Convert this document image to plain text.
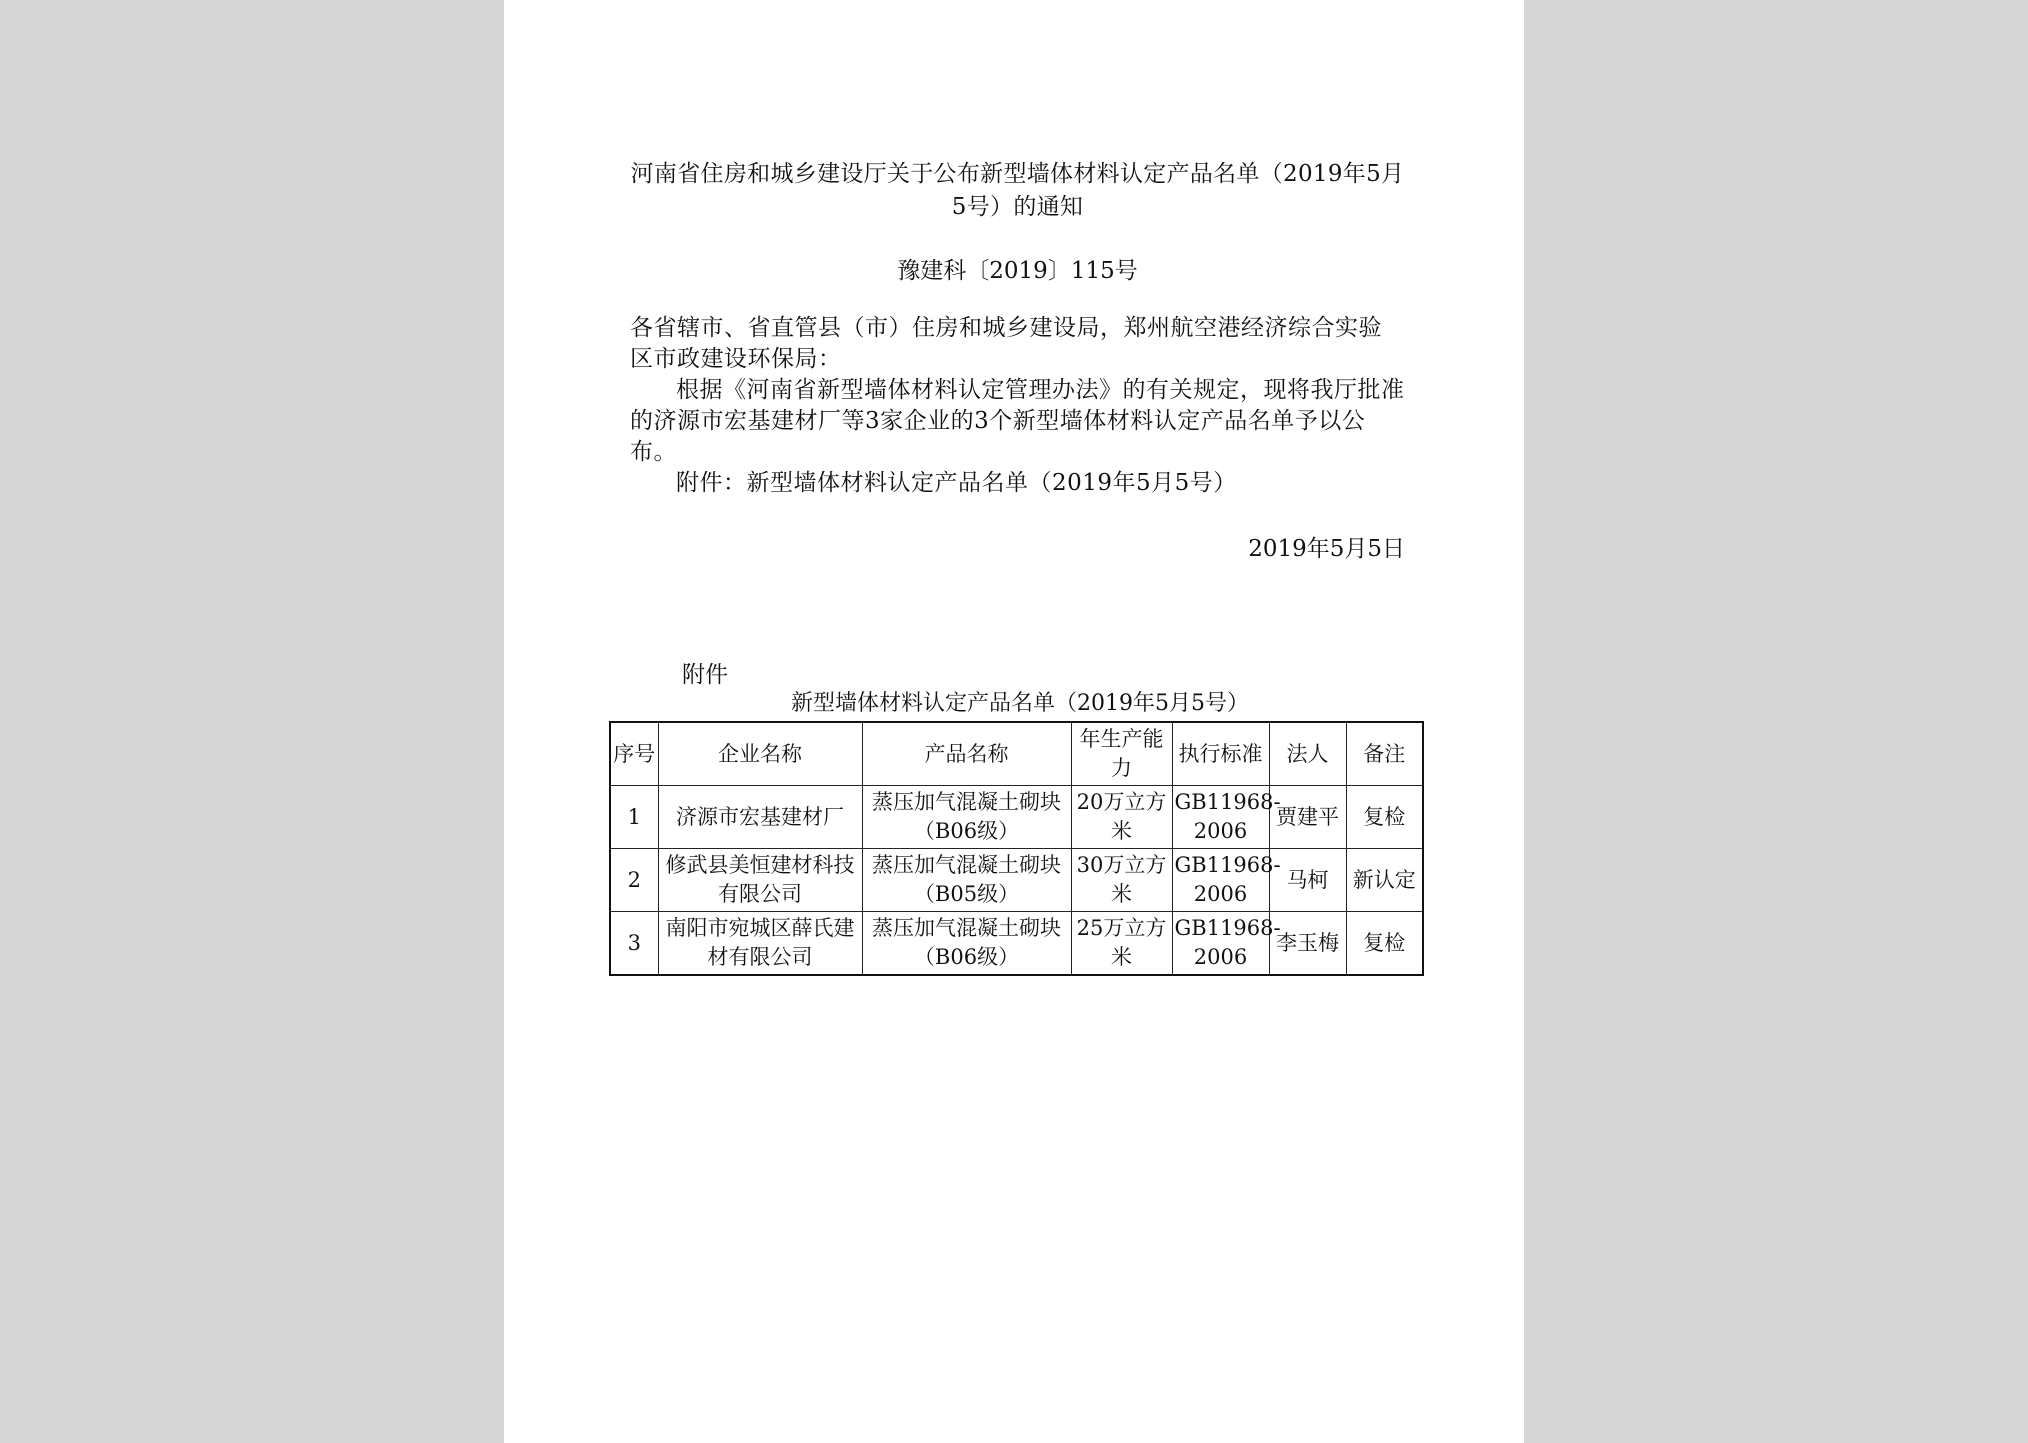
河南省住房和城乡建设厅关于公布新型墙体材料认定产品名单（2019年5月5号）的通知
豫建科〔2019〕115号

各省辖市、省直管县（市）住房和城乡建设局，郑州航空港经济综合实验区市政建设环保局：

根据《河南省新型墙体材料认定管理办法》的有关规定，现将我厅批准的济源市宏基建材厂等3家企业的3个新型墙体材料认定产品名单予以公布。

附件：新型墙体材料认定产品名单（2019年5月5号）

2019年5月5日
附件
新型墙体材料认定产品名单（2019年5月5号）
序号	企业名称	产品名称	年生产能力	执行标准	法人	备注
1	济源市宏基建材厂	蒸压加气混凝土砌块（B06级）	20万立方米	GB11968-2006	贾建平	复检
2	修武县美恒建材科技有限公司	蒸压加气混凝土砌块（B05级）	30万立方米	GB11968-2006	马柯	新认定
3	南阳市宛城区薛氏建材有限公司	蒸压加气混凝土砌块（B06级）	25万立方米	GB11968-2006	李玉梅	复检
